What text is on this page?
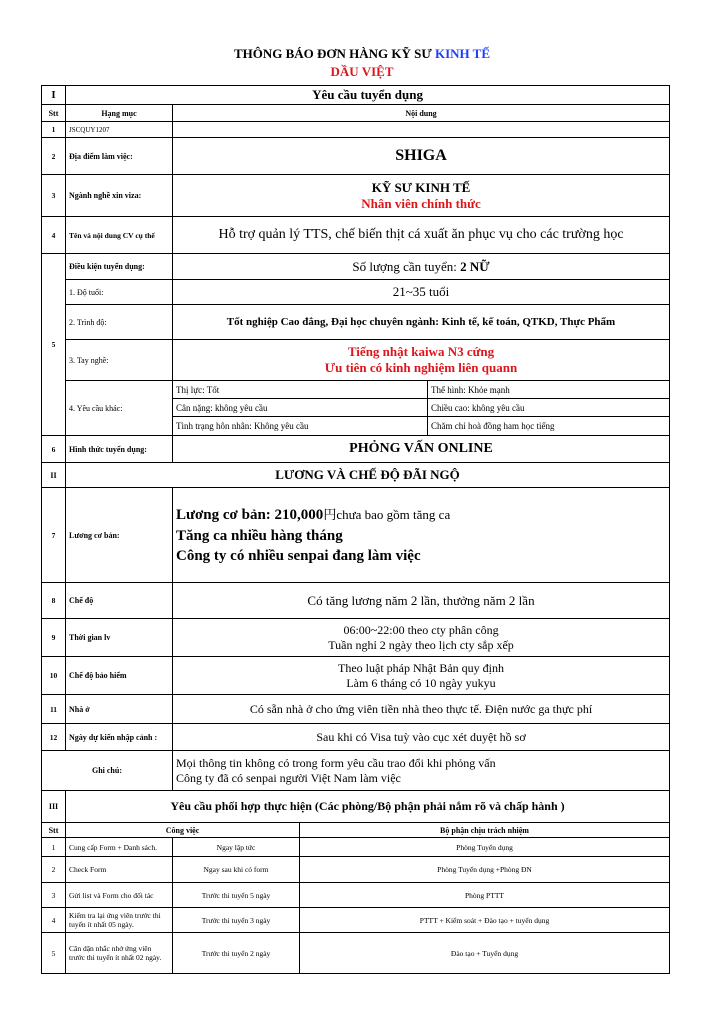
THÔNG BÁO ĐƠN HÀNG KỸ SƯ KINH TẾ
DẦU VIỆT
I	Yêu cầu tuyển dụng			
Stt	Hạng mục	Nội dung		
1	JSCQUY1207			
2	Địa điểm làm việc:	SHIGA		
3	Ngành nghề xin viza:	KỸ SƯ KINH TẾ
Nhân viên chính thức		

4	Tên và nội dung CV cụ thể	Hỗ trợ quản lý TTS, chế biến thịt cá xuất ăn phục vụ cho các trường học		
5	Điều kiện tuyển dụng:	Số lượng cần tuyển: 2 NỮ		
	1. Độ tuổi:	21~35 tuổi		
	2. Trình độ:	Tốt nghiệp Cao đẳng, Đại học chuyên ngành: Kinh tế, kế toán, QTKD, Thực Phẩm		
	3. Tay nghề:	Tiếng nhật kaiwa N3 cứng
Ưu tiên có kinh nghiệm liên quann		

	4. Yêu cầu khác:	Thị lực: Tốt		Thể hình: Khỏe mạnh
		Cân nặng: không yêu cầu		Chiều cao: không yêu cầu
		Tình trạng hôn nhân: Không yêu cầu		Chăm chỉ hoà đồng ham học tiếng
6	Hình thức tuyển dụng:	PHỎNG VẤN ONLINE		
II	LƯƠNG VÀ CHẾ ĐỘ ĐÃI NGỘ			
7	Lương cơ bản:	Lương cơ bản: 210,000円chưa bao gồm tăng ca
Tăng ca nhiều hàng tháng
Công ty có nhiều senpai đang làm việc		

8	Chế độ	Có tăng lương năm 2 lần, thưởng năm 2 lần		
9	Thời gian lv	06:00~22:00 theo cty phân công
Tuần nghỉ 2 ngày theo lịch cty sắp xếp		

10	Chế độ bảo hiểm	Theo luật pháp Nhật Bản quy định
Làm 6 tháng có 10 ngày yukyu		

11	Nhà ở	Có sẵn nhà ở cho ứng viên tiền nhà theo thực tế. Điện nước ga thực phí		
12	Ngày dự kiến nhập cảnh :	Sau khi có Visa tuỳ vào cục xét duyệt hồ sơ		
Ghi chú:		Mọi thông tin không có trong form yêu cầu trao đổi khi phỏng vấn
Công ty đã có senpai người Việt Nam làm việc		

III	Yêu cầu phối hợp thực hiện (Các phòng/Bộ phận phải nắm rõ và chấp hành )			
Stt	Công việc		Bộ phận chịu trách nhiệm	
1	Cung cấp Form + Danh sách.	Ngay lập tức	Phòng Tuyển dụng	
2	Check Form	Ngay sau khi có form	Phòng Tuyển dụng +Phòng ĐN	
3	Gửi list và Form cho đối tác	Trước thi tuyển 5 ngày	Phòng PTTT	
4	Kiểm tra lại ứng viên trước thi tuyển ít nhất 05 ngày.	Trước thi tuyển 3 ngày	PTTT + Kiểm soát + Đào tạo + tuyển dụng	
5	Căn dặn nhắc nhở ứng viên trước thi tuyển ít nhất 02 ngày.	Trước thi tuyển 2 ngày	Đào tạo + Tuyển dụng	
